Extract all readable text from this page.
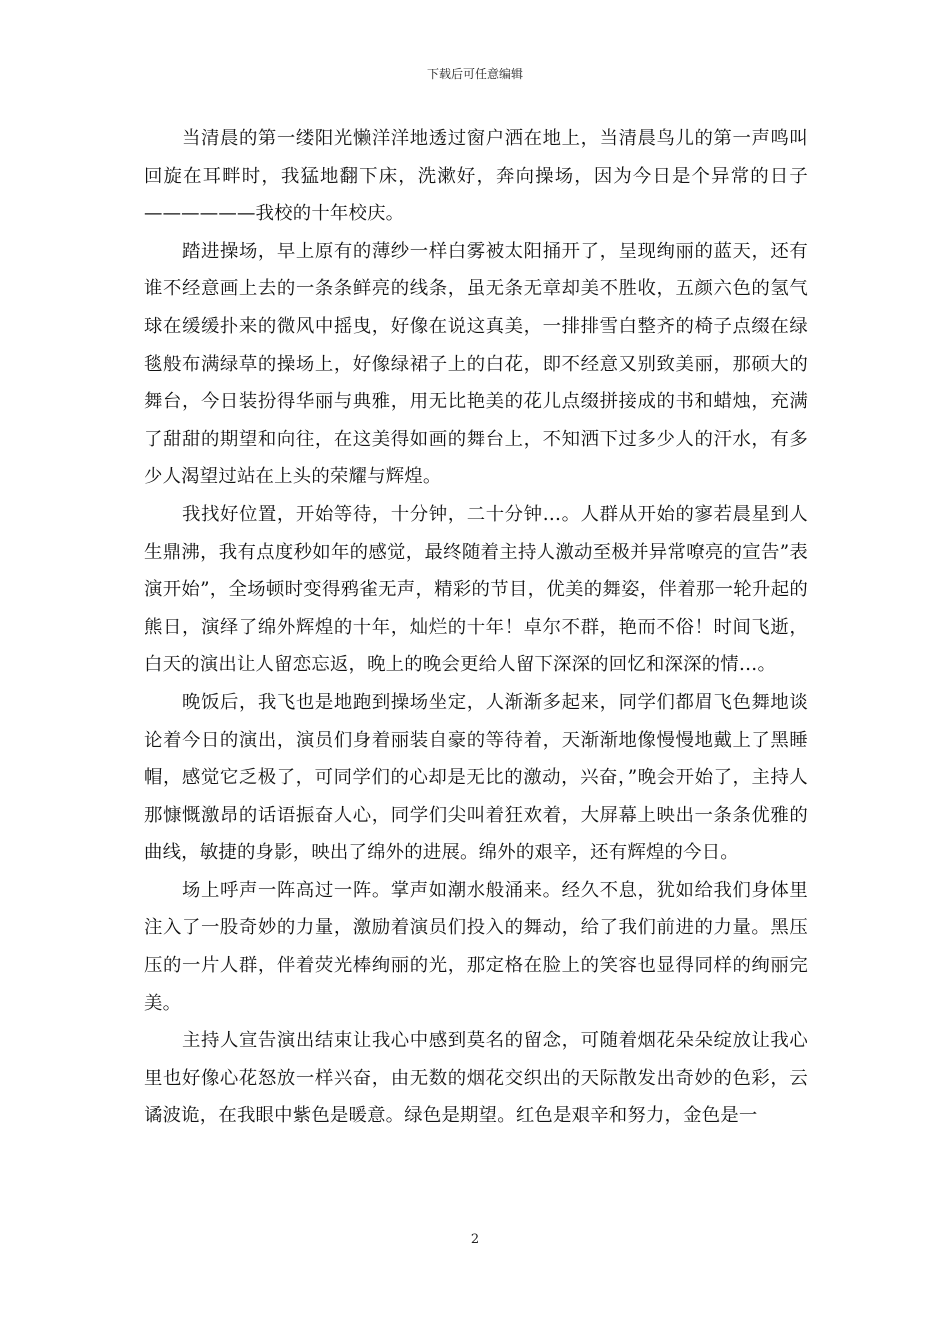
下载后可任意编辑

当清晨的第一缕阳光懒洋洋地透过窗户洒在地上，当清晨鸟儿的第一声鸣叫回旋在耳畔时，我猛地翻下床，洗漱好，奔向操场，因为今日是个异常的日子——————我校的十年校庆。

踏进操场，早上原有的薄纱一样白雾被太阳捅开了，呈现绚丽的蓝天，还有谁不经意画上去的一条条鲜亮的线条，虽无条无章却美不胜收，五颜六色的氢气球在缓缓扑来的微风中摇曳，好像在说这真美，一排排雪白整齐的椅子点缀在绿毯般布满绿草的操场上，好像绿裙子上的白花，即不经意又别致美丽，那硕大的舞台，今日装扮得华丽与典雅，用无比艳美的花儿点缀拼接成的书和蜡烛，充满了甜甜的期望和向往，在这美得如画的舞台上，不知洒下过多少人的汗水，有多少人渴望过站在上头的荣耀与辉煌。

我找好位置，开始等待，十分钟，二十分钟…。人群从开始的寥若晨星到人生鼎沸，我有点度秒如年的感觉，最终随着主持人激动至极并异常嘹亮的宣告”表演开始”，全场顿时变得鸦雀无声，精彩的节目，优美的舞姿，伴着那一轮升起的熊日，演绎了绵外辉煌的十年，灿烂的十年！卓尔不群，艳而不俗！时间飞逝，白天的演出让人留恋忘返，晚上的晚会更给人留下深深的回忆和深深的情…。

晚饭后，我飞也是地跑到操场坐定，人渐渐多起来，同学们都眉飞色舞地谈论着今日的演出，演员们身着丽装自豪的等待着，天渐渐地像慢慢地戴上了黑睡帽，感觉它乏极了，可同学们的心却是无比的激动，兴奋，”晚会开始了，主持人那慷慨激昂的话语振奋人心，同学们尖叫着狂欢着，大屏幕上映出一条条优雅的曲线，敏捷的身影，映出了绵外的进展。绵外的艰辛，还有辉煌的今日。

场上呼声一阵高过一阵。掌声如潮水般涌来。经久不息，犹如给我们身体里注入了一股奇妙的力量，激励着演员们投入的舞动，给了我们前进的力量。黑压压的一片人群，伴着荧光棒绚丽的光，那定格在脸上的笑容也显得同样的绚丽完美。

主持人宣告演出结束让我心中感到莫名的留念，可随着烟花朵朵绽放让我心里也好像心花怒放一样兴奋，由无数的烟花交织出的天际散发出奇妙的色彩，云谲波诡，在我眼中紫色是暖意。绿色是期望。红色是艰辛和努力，金色是一

2
